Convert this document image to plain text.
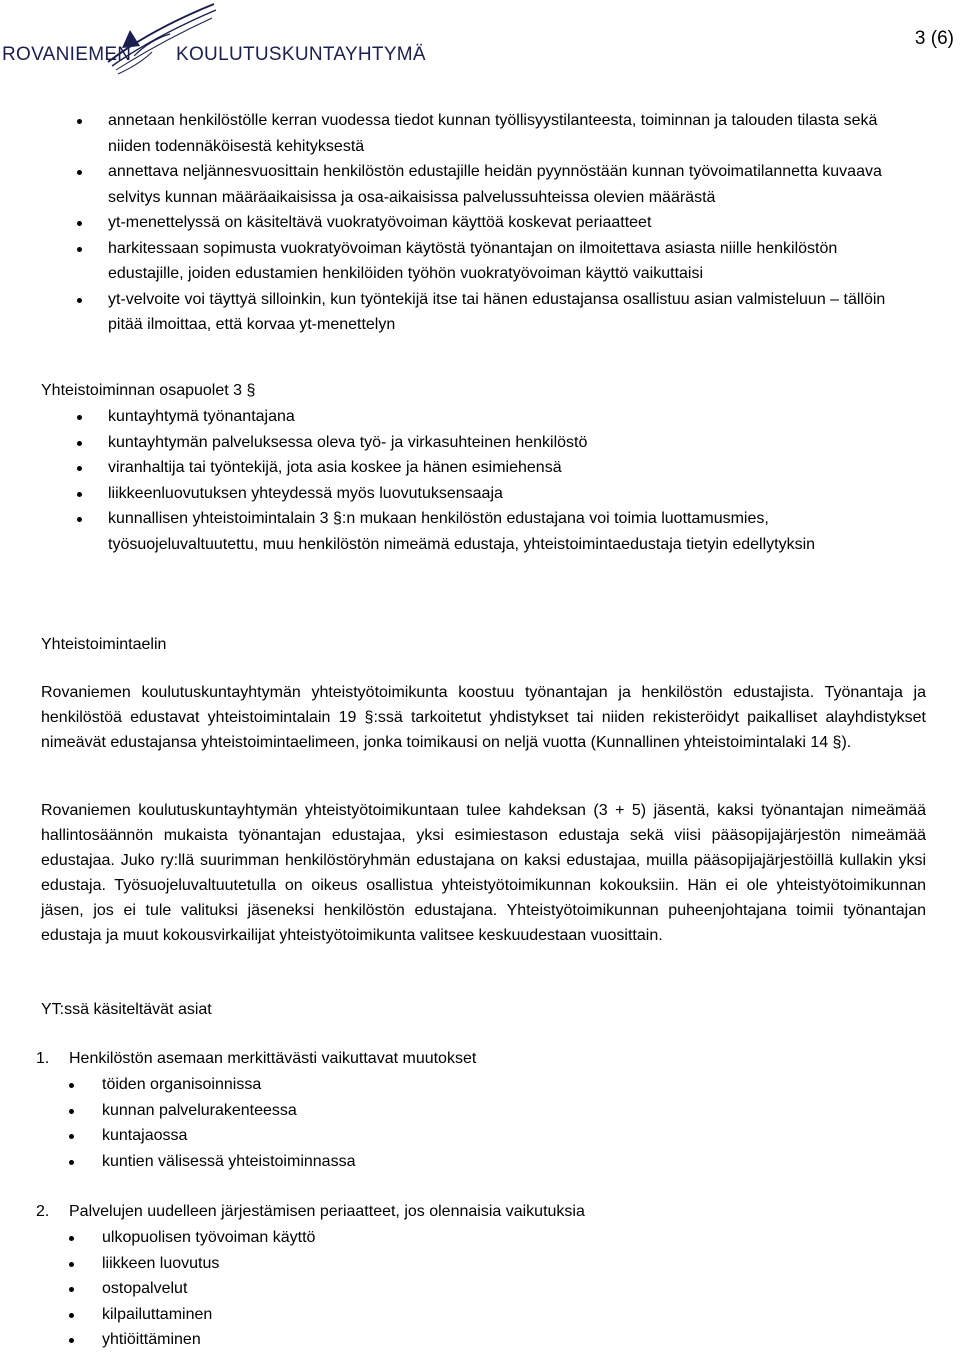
ROVANIEMEN KOULUTUSKUNTAYHTYMÄ
3 (6)
annetaan henkilöstölle kerran vuodessa tiedot kunnan työllisyystilanteesta, toiminnan ja talouden tilasta sekä niiden todennäköisestä kehityksestä
annettava neljännesvuosittain henkilöstön edustajille heidän pyynnöstään kunnan työvoimatilannetta kuvaava selvitys kunnan määräaikaisissa ja osa-aikaisissa palvelussuhteissa olevien määrästä
yt-menettelyssä on käsiteltävä vuokratyövoiman käyttöä koskevat periaatteet
harkitessaan sopimusta vuokratyövoiman käytöstä työnantajan on ilmoitettava asiasta niille henkilöstön edustajille, joiden edustamien henkilöiden työhön vuokratyövoiman käyttö vaikuttaisi
yt-velvoite voi täyttyä silloinkin, kun työntekijä itse tai hänen edustajansa osallistuu asian valmisteluun – tällöin pitää ilmoittaa, että korvaa yt-menettelyn
Yhteistoiminnan osapuolet 3 §
kuntayhtymä työnantajana
kuntayhtymän palveluksessa oleva työ- ja virkasuhteinen henkilöstö
viranhaltija tai työntekijä, jota asia koskee ja hänen esimiehensä
liikkeenluovutuksen yhteydessä myös luovutuksensaaja
kunnallisen yhteistoimintalain 3 §:n mukaan henkilöstön edustajana voi toimia luottamusmies, työsuojeluvaltuutettu, muu henkilöstön nimeämä edustaja, yhteistoimintaedustaja tietyin edellytyksin
Yhteistoimintaelin
Rovaniemen koulutuskuntayhtymän yhteistyötoimikunta koostuu työnantajan ja henkilöstön edustajista. Työnantaja ja henkilöstöä edustavat yhteistoimintalain 19 §:ssä tarkoitetut yhdistykset tai niiden rekisteröidyt paikalliset alayhdistykset nimeävät edustajansa yhteistoimintaelimeen, jonka toimikausi on neljä vuotta (Kunnallinen yhteistoimintalaki 14 §).
Rovaniemen koulutuskuntayhtymän yhteistyötoimikuntaan tulee kahdeksan (3 + 5) jäsentä, kaksi työnantajan nimeämää hallintosäännön mukaista työnantajan edustajaa, yksi esimiestason edustaja sekä viisi pääsopijajärjestön nimeämää edustajaa. Juko ry:llä suurimman henkilöstöryhmän edustajana on kaksi edustajaa, muilla pääsopijajärjestöillä kullakin yksi edustaja. Työsuojeluvaltuutetulla on oikeus osallistua yhteistyötoimikunnan kokouksiin. Hän ei ole yhteistyötoimikunnan jäsen, jos ei tule valituksi jäseneksi henkilöstön edustajana. Yhteistyötoimikunnan puheenjohtajana toimii työnantajan edustaja ja muut kokousvirkailijat yhteistyötoimikunta valitsee keskuudestaan vuosittain.
YT:ssä käsiteltävät asiat
1. Henkilöstön asemaan merkittävästi vaikuttavat muutokset
töiden organisoinnissa
kunnan palvelurakenteessa
kuntajaossa
kuntien välisessä yhteistoiminnassa
2. Palvelujen uudelleen järjestämisen periaatteet, jos olennaisia vaikutuksia
ulkopuolisen työvoiman käyttö
liikkeen luovutus
ostopalvelut
kilpailuttaminen
yhtiöittäminen
